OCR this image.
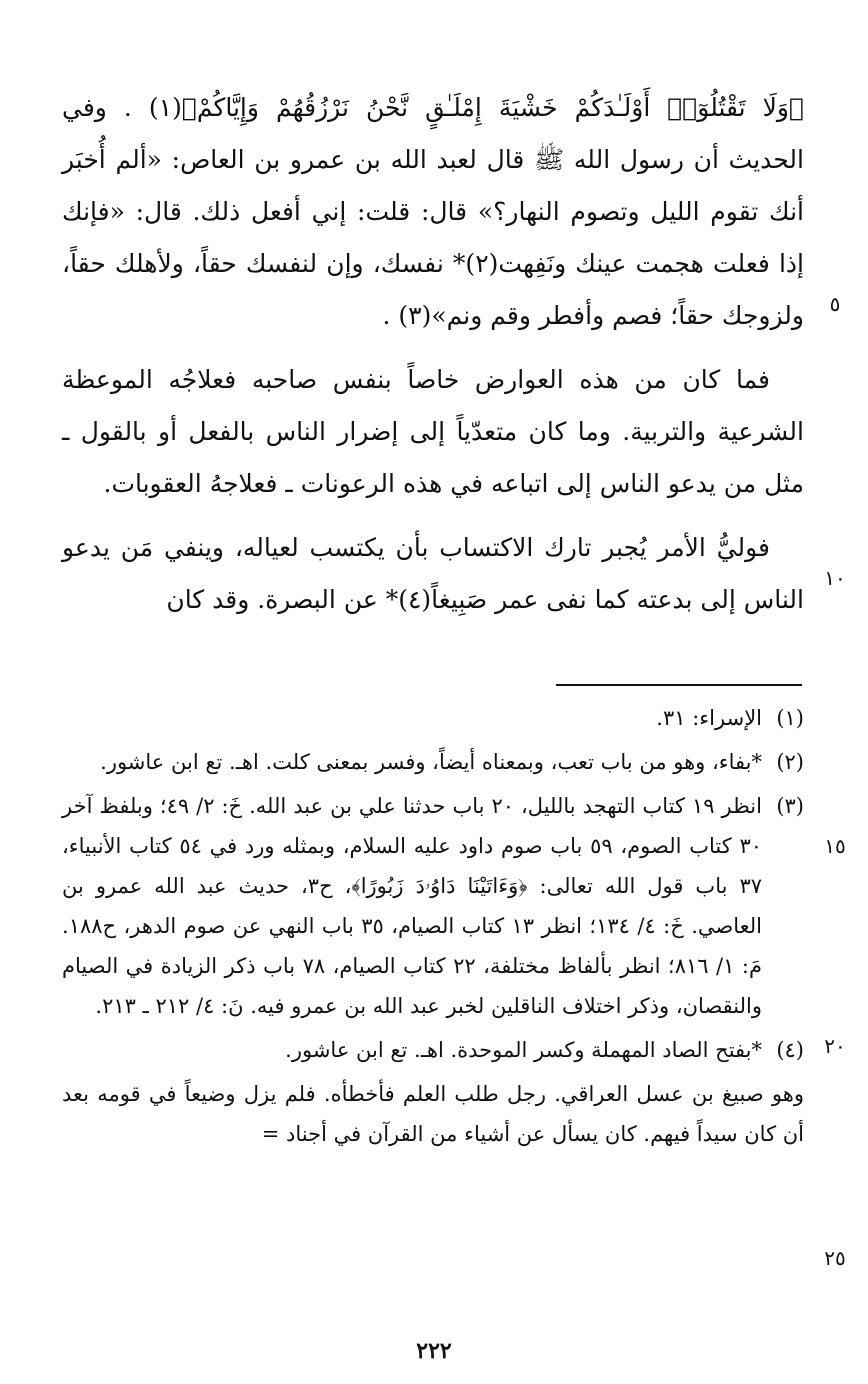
﴿وَلَا تَقْتُلُوٓا۟ أَوْلَـٰدَكُمْ خَشْيَةَ إِمْلَـٰقٍ نَّحْنُ نَرْزُقُهُمْ وَإِيَّاكُمْ﴾(١) . وفي الحديث أن رسول الله ﷺ قال لعبد الله بن عمرو بن العاص: «ألم أُخبَر أنك تقوم الليل وتصوم النهار؟» قال: قلت: إني أفعل ذلك. قال: «فإنك إذا فعلت هجمت عينك ونَفِهت(٢)* نفسك، وإن لنفسك حقاً، ولأهلك حقاً، ولزوجك حقاً؛ فصم وأفطر وقم ونم»(٣) .

فما كان من هذه العوارض خاصاً بنفس صاحبه فعلاجُه الموعظة الشرعية والتربية. وما كان متعدّياً إلى إضرار الناس بالفعل أو بالقول ـ مثل من يدعو الناس إلى اتباعه في هذه الرعونات ـ فعلاجهُ العقوبات.

فوليُّ الأمر يُجبر تارك الاكتساب بأن يكتسب لعياله، وينفي مَن يدعو الناس إلى بدعته كما نفى عمر صَبِيغاً(٤)* عن البصرة. وقد كان

٥
١٠
١٥
٢٠
٢٥
(١)
الإسراء: ٣١.
(٢)
*بفاء، وهو من باب تعب، وبمعناه أيضاً، وفسر بمعنى كلت. اهـ. تع ابن عاشور.
(٣)
انظر ١٩ كتاب التهجد بالليل، ٢٠ باب حدثنا علي بن عبد الله. خَ: ٢/ ٤٩؛ وبلفظ آخر ٣٠ كتاب الصوم، ٥٩ باب صوم داود عليه السلام، وبمثله ورد في ٥٤ كتاب الأنبياء، ٣٧ باب قول الله تعالى: ﴿وَءَاتَيْنَا دَاوُۥدَ زَبُورًا﴾، ح٣، حديث عبد الله عمرو بن العاصي. خَ: ٤/ ١٣٤؛ انظر ١٣ كتاب الصيام، ٣٥ باب النهي عن صوم الدهر، ح١٨٨. مَ: ١/ ٨١٦؛ انظر بألفاظ مختلفة، ٢٢ كتاب الصيام، ٧٨ باب ذكر الزيادة في الصيام والنقصان، وذكر اختلاف الناقلين لخبر عبد الله بن عمرو فيه. نَ: ٤/ ٢١٢ ـ ٢١٣.
(٤)
*بفتح الصاد المهملة وكسر الموحدة. اهـ. تع ابن عاشور.
وهو صبيغ بن عسل العراقي. رجل طلب العلم فأخطأه. فلم يزل وضيعاً في قومه بعد أن كان سيداً فيهم. كان يسأل عن أشياء من القرآن في أجناد =
٢٢٢
